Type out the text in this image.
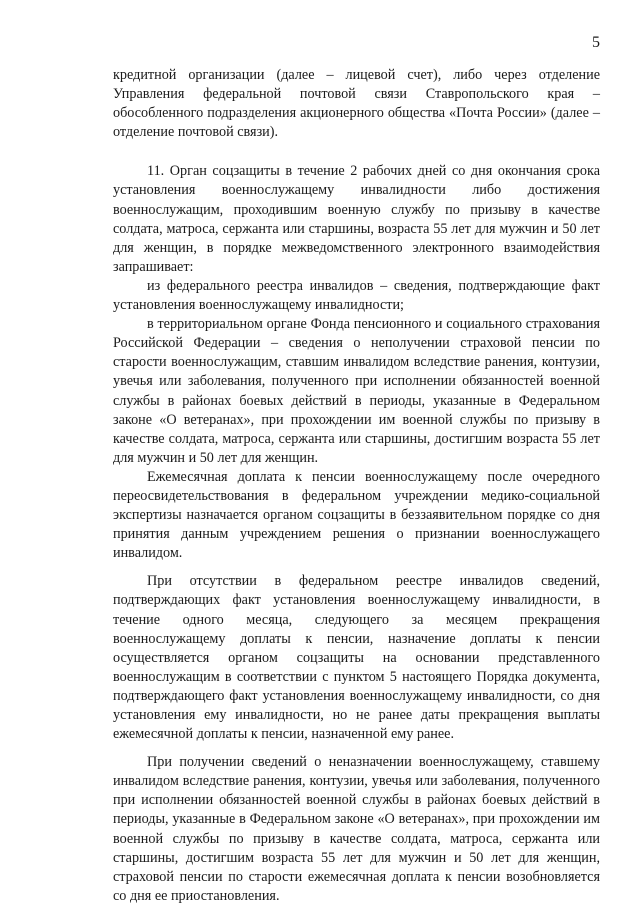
5

кредитной организации (далее – лицевой счет), либо через отделение Управления федеральной почтовой связи Ставропольского края – обособленного подразделения акционерного общества «Почта России» (далее – отделение почтовой связи).

11. Орган соцзащиты в течение 2 рабочих дней со дня окончания срока установления военнослужащему инвалидности либо достижения военнослужащим, проходившим военную службу по призыву в качестве солдата, матроса, сержанта или старшины, возраста 55 лет для мужчин и 50 лет для женщин, в порядке межведомственного электронного взаимодействия запрашивает:

из федерального реестра инвалидов – сведения, подтверждающие факт установления военнослужащему инвалидности;

в территориальном органе Фонда пенсионного и социального страхования Российской Федерации – сведения о неполучении страховой пенсии по старости военнослужащим, ставшим инвалидом вследствие ранения, контузии, увечья или заболевания, полученного при исполнении обязанностей военной службы в районах боевых действий в периоды, указанные в Федеральном законе «О ветеранах», при прохождении им военной службы по призыву в качестве солдата, матроса, сержанта или старшины, достигшим возраста 55 лет для мужчин и 50 лет для женщин.

Ежемесячная доплата к пенсии военнослужащему после очередного переосвидетельствования в федеральном учреждении медико-социальной экспертизы назначается органом соцзащиты в беззаявительном порядке со дня принятия данным учреждением решения о признании военнослужащего инвалидом.

При отсутствии в федеральном реестре инвалидов сведений, подтверждающих факт установления военнослужащему инвалидности, в течение одного месяца, следующего за месяцем прекращения военнослужащему доплаты к пенсии, назначение доплаты к пенсии осуществляется органом соцзащиты на основании представленного военнослужащим в соответствии с пунктом 5 настоящего Порядка документа, подтверждающего факт установления военнослужащему инвалидности, со дня установления ему инвалидности, но не ранее даты прекращения выплаты ежемесячной доплаты к пенсии, назначенной ему ранее.

При получении сведений о неназначении военнослужащему, ставшему инвалидом вследствие ранения, контузии, увечья или заболевания, полученного при исполнении обязанностей военной службы в районах боевых действий в периоды, указанные в Федеральном законе «О ветеранах», при прохождении им военной службы по призыву в качестве солдата, матроса, сержанта или старшины, достигшим возраста 55 лет для мужчин и 50 лет для женщин, страховой пенсии по старости ежемесячная доплата к пенсии возобновляется со дня ее приостановления.
